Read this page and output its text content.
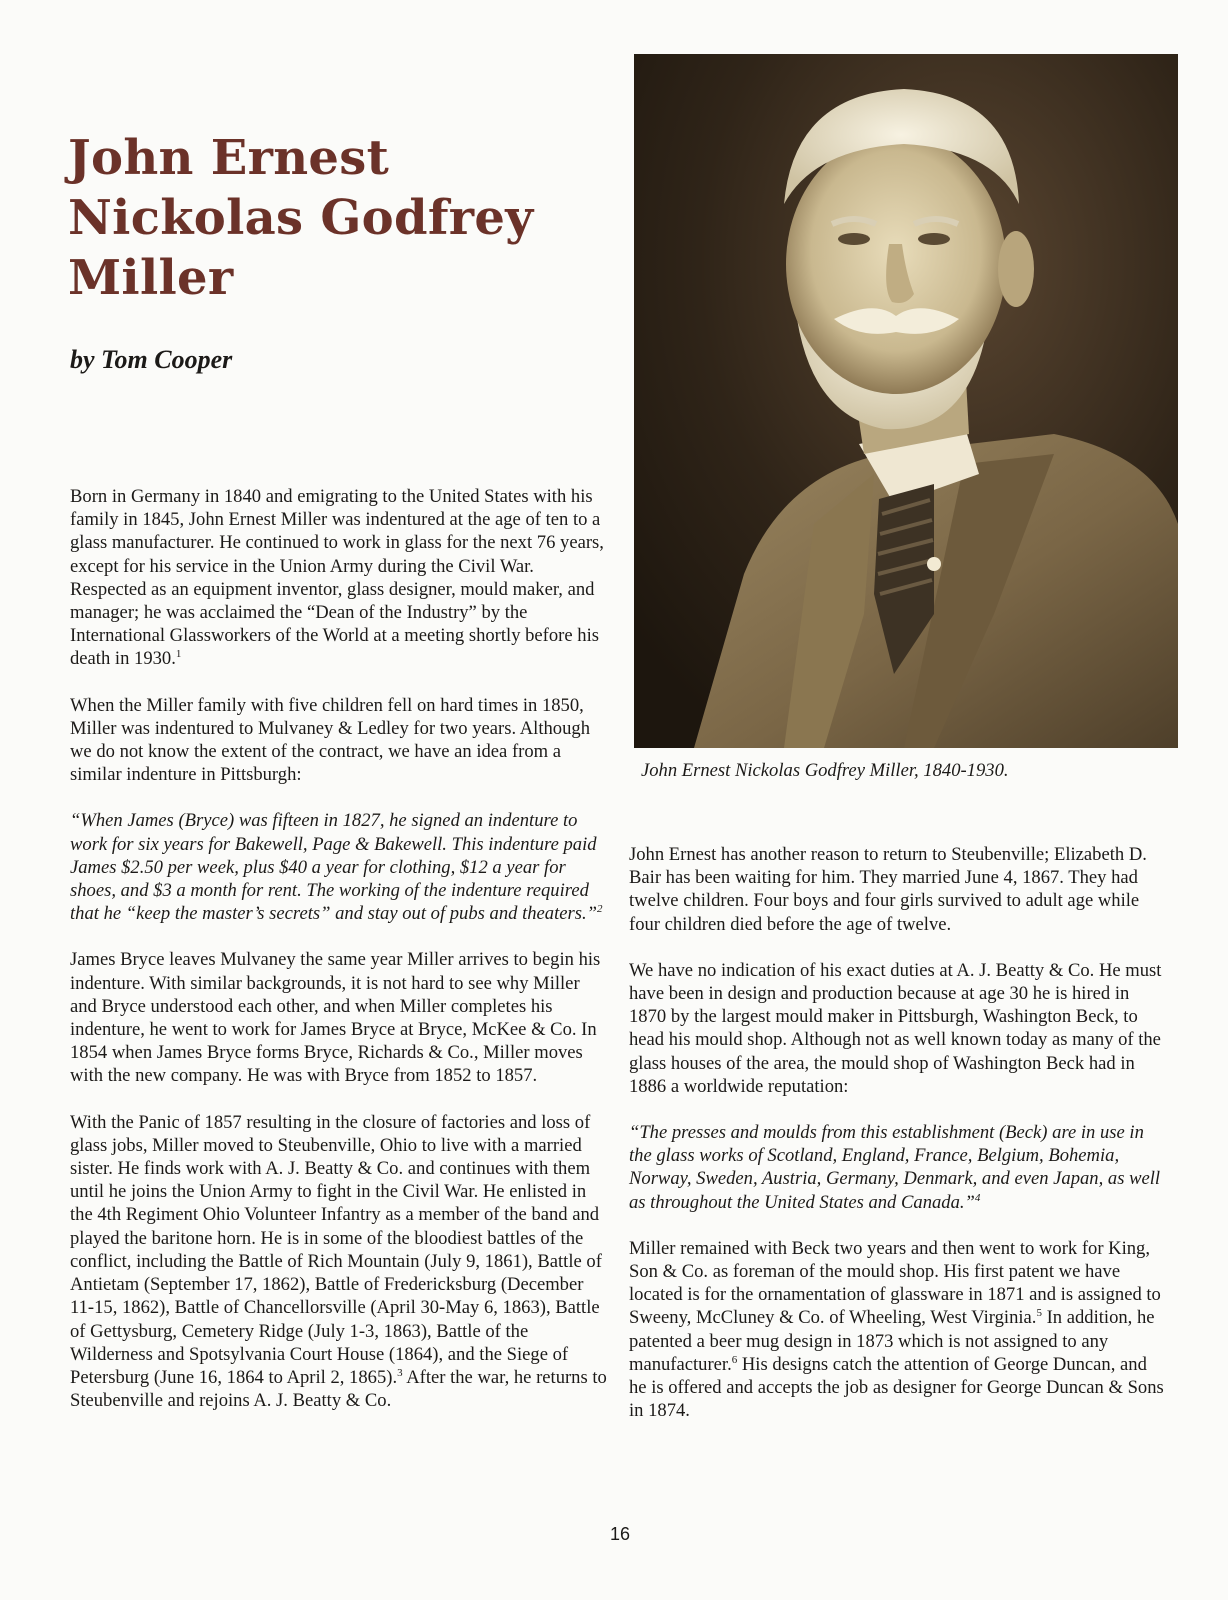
John Ernest
Nickolas Godfrey
Miller

by Tom Cooper

John Ernest Nickolas Godfrey Miller, 1840-1930.

Born in Germany in 1840 and emigrating to the United States with his family in 1845, John Ernest Miller was indentured at the age of ten to a glass manufacturer. He continued to work in glass for the next 76 years, except for his service in the Union Army during the Civil War. Respected as an equipment inventor, glass designer, mould maker, and manager; he was acclaimed the “Dean of the Industry” by the International Glassworkers of the World at a meeting shortly before his death in 1930.$^1$

When the Miller family with five children fell on hard times in 1850, Miller was indentured to Mulvaney & Ledley for two years. Although we do not know the extent of the contract, we have an idea from a similar indenture in Pittsburgh:

“When James (Bryce) was fifteen in 1827, he signed an indenture to work for six years for Bakewell, Page & Bakewell. This indenture paid James $2.50 per week, plus $40 a year for clothing, $12 a year for shoes, and $3 a month for rent. The working of the indenture required that he “keep the master’s secrets” and stay out of pubs and theaters.”$^2$

James Bryce leaves Mulvaney the same year Miller arrives to begin his indenture. With similar backgrounds, it is not hard to see why Miller and Bryce understood each other, and when Miller completes his indenture, he went to work for James Bryce at Bryce, McKee & Co. In 1854 when James Bryce forms Bryce, Richards & Co., Miller moves with the new company. He was with Bryce from 1852 to 1857.

With the Panic of 1857 resulting in the closure of factories and loss of glass jobs, Miller moved to Steubenville, Ohio to live with a married sister. He finds work with A. J. Beatty & Co. and continues with them until he joins the Union Army to fight in the Civil War. He enlisted in the 4th Regiment Ohio Volunteer Infantry as a member of the band and played the baritone horn. He is in some of the bloodiest battles of the conflict, including the Battle of Rich Mountain (July 9, 1861), Battle of Antietam (September 17, 1862), Battle of Fredericksburg (December 11-15, 1862), Battle of Chancellorsville (April 30-May 6, 1863), Battle of Gettysburg, Cemetery Ridge (July 1-3, 1863), Battle of the Wilderness and Spotsylvania Court House (1864), and the Siege of Petersburg (June 16, 1864 to April 2, 1865).$^3$ After the war, he returns to Steubenville and rejoins A. J. Beatty & Co.

John Ernest has another reason to return to Steubenville; Elizabeth D. Bair has been waiting for him. They married June 4, 1867. They had twelve children. Four boys and four girls survived to adult age while four children died before the age of twelve.

We have no indication of his exact duties at A. J. Beatty & Co. He must have been in design and production because at age 30 he is hired in 1870 by the largest mould maker in Pittsburgh, Washington Beck, to head his mould shop. Although not as well known today as many of the glass houses of the area, the mould shop of Washington Beck had in 1886 a worldwide reputation:

“The presses and moulds from this establishment (Beck) are in use in the glass works of Scotland, England, France, Belgium, Bohemia, Norway, Sweden, Austria, Germany, Denmark, and even Japan, as well as throughout the United States and Canada.”$^4$

Miller remained with Beck two years and then went to work for King, Son & Co. as foreman of the mould shop. His first patent we have located is for the ornamentation of glassware in 1871 and is assigned to Sweeny, McCluney & Co. of Wheeling, West Virginia.$^5$ In addition, he patented a beer mug design in 1873 which is not assigned to any manufacturer.$^6$ His designs catch the attention of George Duncan, and he is offered and accepts the job as designer for George Duncan & Sons in 1874.

16
